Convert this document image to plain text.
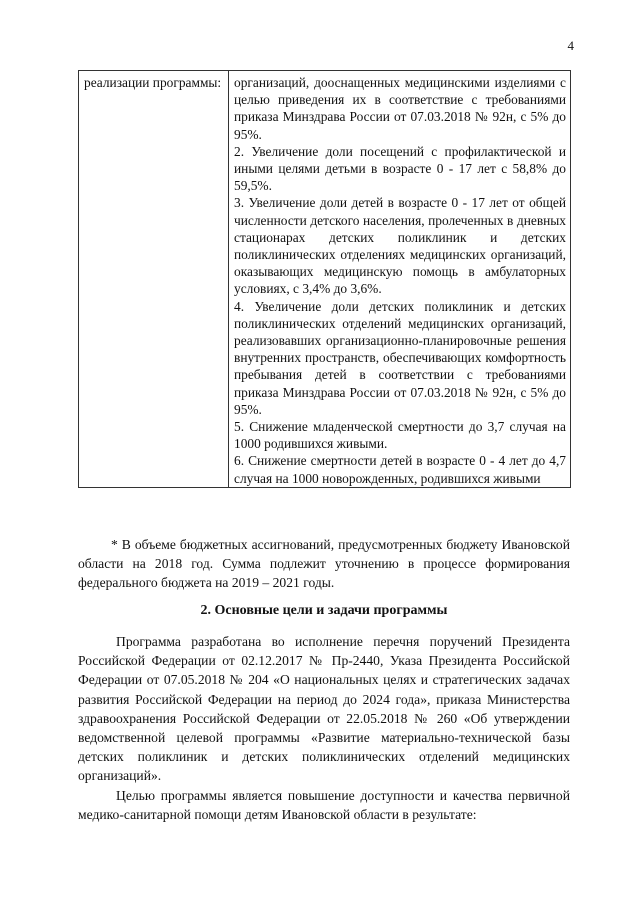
4
реализации программы:	организаций, дооснащенных медицинскими изделиями с целью приведения их в соответствие с требованиями приказа Минздрава России от 07.03.2018 № 92н, с 5% до 95%.

2. Увеличение доли посещений с профилактической и иными целями детьми в возрасте 0 - 17 лет с 58,8% до 59,5%.

3. Увеличение доли детей в возрасте 0 - 17 лет от общей численности детского населения, пролеченных в дневных стационарах детских поликлиник и детских поликлинических отделениях медицинских организаций, оказывающих медицинскую помощь в амбулаторных условиях, с 3,4% до 3,6%.

4. Увеличение доли детских поликлиник и детских поликлинических отделений медицинских организаций, реализовавших организационно-планировочные решения внутренних пространств, обеспечивающих комфортность пребывания детей в соответствии с требованиями приказа Минздрава России от 07.03.2018 № 92н, с 5% до 95%.

5. Снижение младенческой смертности до 3,7 случая на 1000 родившихся живыми.

6. Снижение смертности детей в возрасте 0 - 4 лет до 4,7 случая на 1000 новорожденных, родившихся живыми

* В объеме бюджетных ассигнований, предусмотренных бюджету Ивановской области на 2018 год. Сумма подлежит уточнению в процессе формирования федерального бюджета на 2019 – 2021 годы.

2. Основные цели и задачи программы

Программа разработана во исполнение перечня поручений Президента Российской Федерации от 02.12.2017 № Пр-2440, Указа Президента Российской Федерации от 07.05.2018 № 204 «О национальных целях и стратегических задачах развития Российской Федерации на период до 2024 года», приказа Министерства здравоохранения Российской Федерации от 22.05.2018 № 260 «Об утверждении ведомственной целевой программы «Развитие материально-технической базы детских поликлиник и детских поликлинических отделений медицинских организаций».

Целью программы является повышение доступности и качества первичной медико-санитарной помощи детям Ивановской области в результате:
